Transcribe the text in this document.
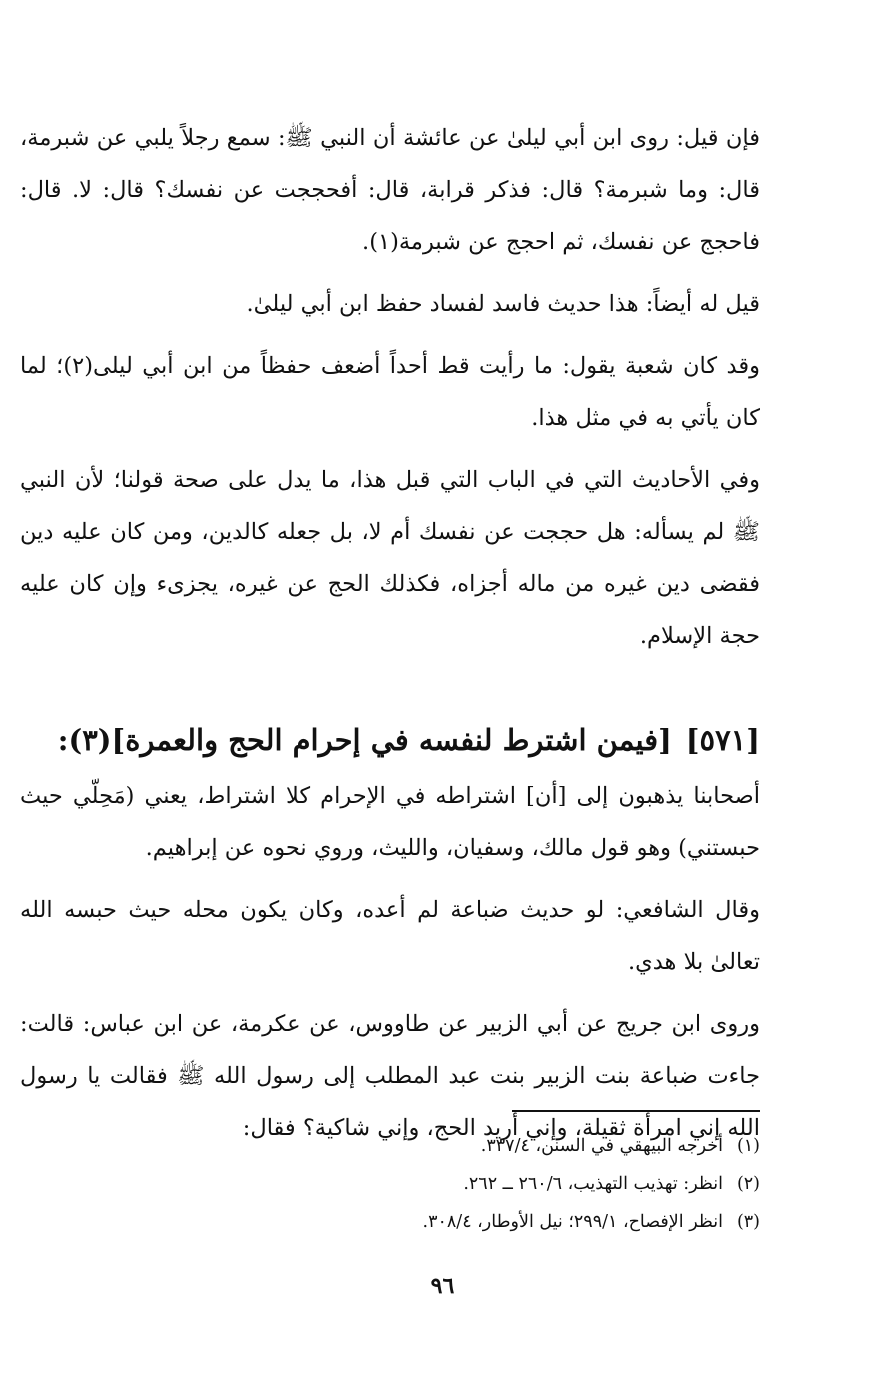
فإن قيل: روى ابن أبي ليلىٰ عن عائشة أن النبي ﷺ: سمع رجلاً يلبي عن شبرمة، قال: وما شبرمة؟ قال: فذكر قرابة، قال: أفحججت عن نفسك؟ قال: لا. قال: فاحجج عن نفسك، ثم احجج عن شبرمة(١).

قيل له أيضاً: هذا حديث فاسد لفساد حفظ ابن أبي ليلىٰ.

وقد كان شعبة يقول: ما رأيت قط أحداً أضعف حفظاً من ابن أبي ليلى(٢)؛ لما كان يأتي به في مثل هذا.

وفي الأحاديث التي في الباب التي قبل هذا، ما يدل على صحة قولنا؛ لأن النبي ﷺ لم يسأله: هل حججت عن نفسك أم لا، بل جعله كالدين، ومن كان عليه دين فقضى دين غيره من ماله أجزاه، فكذلك الحج عن غيره، يجزىء وإن كان عليه حجة الإسلام.

[٥٧١][فيمن اشترط لنفسه في إحرام الحج والعمرة](٣):

أصحابنا يذهبون إلى [أن] اشتراطه في الإحرام كلا اشتراط، يعني (مَحِلّي حيث حبستني) وهو قول مالك، وسفيان، والليث، وروي نحوه عن إبراهيم.

وقال الشافعي: لو حديث ضباعة لم أعده، وكان يكون محله حيث حبسه الله تعالىٰ بلا هدي.

وروى ابن جريج عن أبي الزبير عن طاووس، عن عكرمة، عن ابن عباس: قالت: جاءت ضباعة بنت الزبير بنت عبد المطلب إلى رسول الله ﷺ فقالت يا رسول الله إني امرأة ثقيلة، وإني أريد الحج، وإني شاكية؟ فقال:

(١)أخرجه البيهقي في السنن، ٣٣٧/٤.
(٢)انظر: تهذيب التهذيب، ٢٦٠/٦ ــ ٢٦٢.
(٣)انظر الإفصاح، ٢٩٩/١؛ نيل الأوطار، ٣٠٨/٤.
٩٦
